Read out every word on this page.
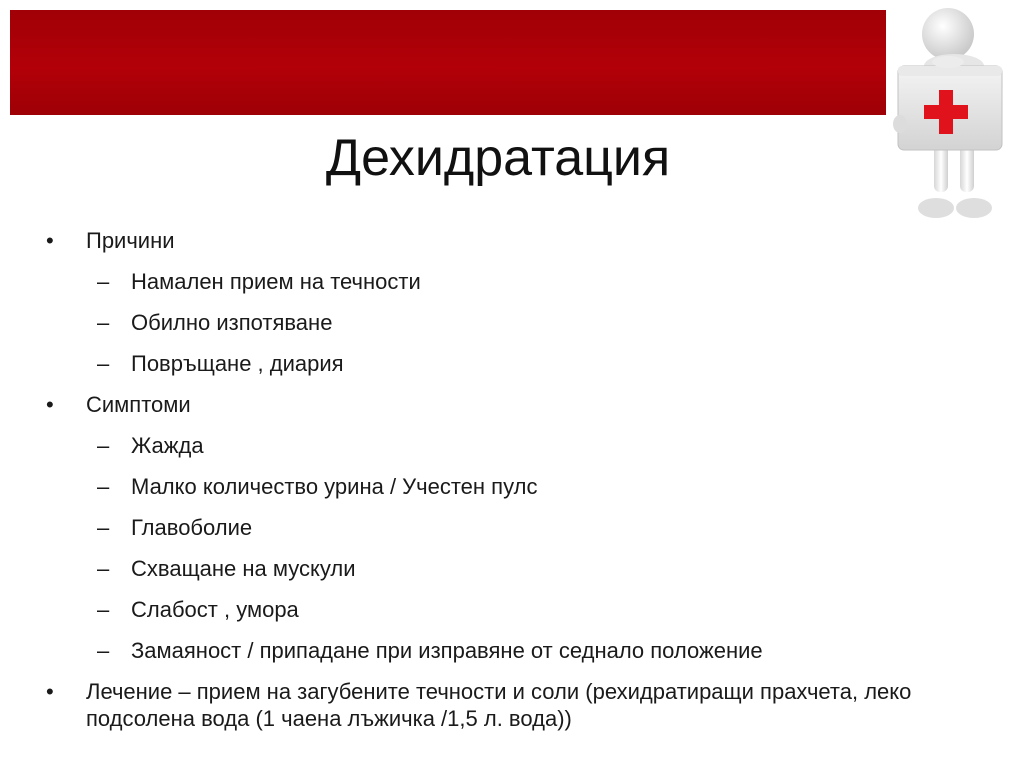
Дехидратация
• Причини
– Намален прием на течности
– Обилно изпотяване
– Повръщане , диария
• Симптоми
– Жажда
– Малко количество урина / Учестен пулс
– Главоболие
– Схващане на мускули
– Слабост , умора
– Замаяност / припадане при изправяне от седнало положение
• Лечение – прием на загубените течности и соли (рехидратиращи прахчета, леко подсолена вода (1 чаена лъжичка /1,5 л. вода))
